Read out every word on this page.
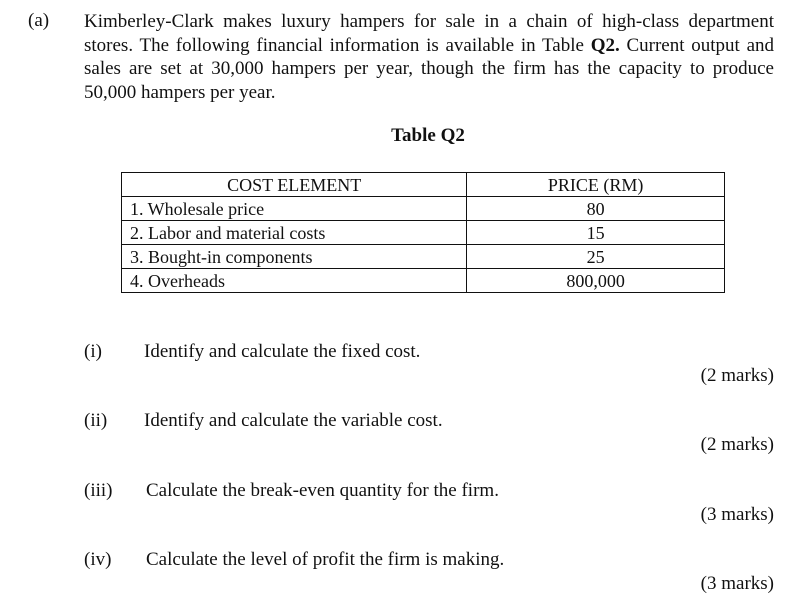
(a) Kimberley-Clark makes luxury hampers for sale in a chain of high-class department stores. The following financial information is available in Table Q2. Current output and sales are set at 30,000 hampers per year, though the firm has the capacity to produce 50,000 hampers per year.
Table Q2
COST ELEMENT	PRICE (RM)
1. Wholesale price	80
2. Labor and material costs	15
3. Bought-in components	25
4. Overheads	800,000
(i) Identify and calculate the fixed cost.
(2 marks)
(ii) Identify and calculate the variable cost.
(2 marks)
(iii) Calculate the break-even quantity for the firm.
(3 marks)
(iv) Calculate the level of profit the firm is making.
(3 marks)
